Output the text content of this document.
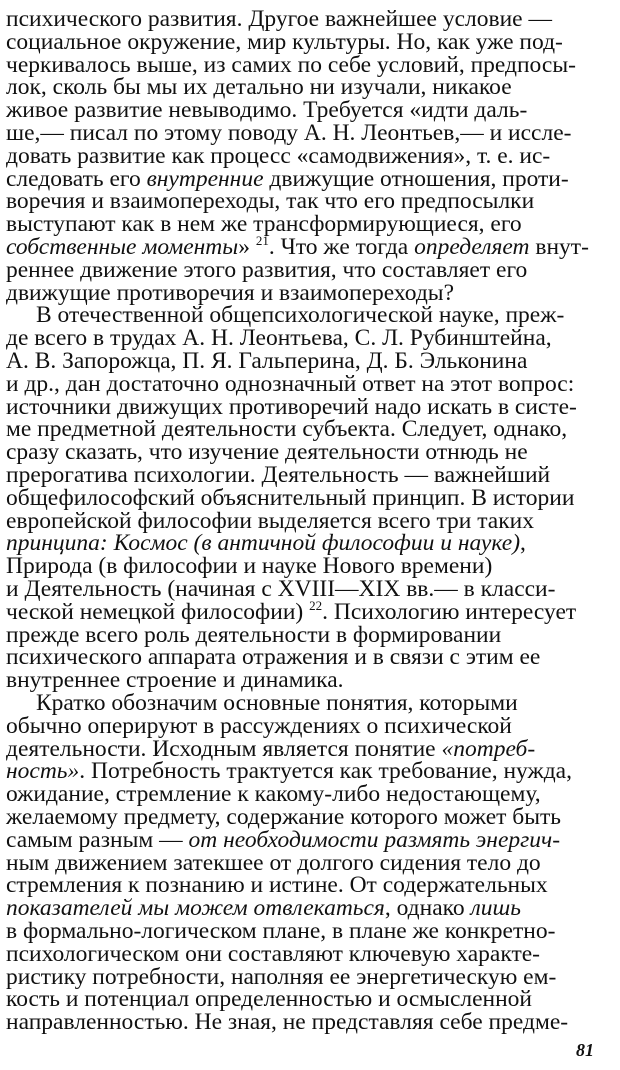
психического развития. Другое важнейшее условие —
социальное окружение, мир культуры. Но, как уже под-
черкивалось выше, из самих по себе условий, предпосы-
лок, сколь бы мы их детально ни изучали, никакое
живое развитие невыводимо. Требуется «идти даль-
ше,— писал по этому поводу А. Н. Леонтьев,— и иссле-
довать развитие как процесс «самодвижения», т. е. ис-
следовать его внутренние движущие отношения, проти-
воречия и взаимопереходы, так что его предпосылки
выступают как в нем же трансформирующиеся, его
собственные моменты» $^{21}$. Что же тогда определяет внут-
реннее движение этого развития, что составляет его
движущие противоречия и взаимопереходы?
В отечественной общепсихологической науке, преж-
де всего в трудах А. Н. Леонтьева, С. Л. Рубинштейна,
А. В. Запорожца, П. Я. Гальперина, Д. Б. Эльконина
и др., дан достаточно однозначный ответ на этот вопрос:
источники движущих противоречий надо искать в систе-
ме предметной деятельности субъекта. Следует, однако,
сразу сказать, что изучение деятельности отнюдь не
прерогатива психологии. Деятельность — важнейший
общефилософский объяснительный принцип. В истории
европейской философии выделяется всего три таких
принципа: Космос (в античной философии и науке),
Природа (в философии и науке Нового времени)
и Деятельность (начиная с XVIII—XIX вв.— в класси-
ческой немецкой философии) $^{22}$. Психологию интересует
прежде всего роль деятельности в формировании
психического аппарата отражения и в связи с этим ее
внутреннее строение и динамика.
Кратко обозначим основные понятия, которыми
обычно оперируют в рассуждениях о психической
деятельности. Исходным является понятие «потреб-
ность». Потребность трактуется как требование, нужда,
ожидание, стремление к какому-либо недостающему,
желаемому предмету, содержание которого может быть
самым разным — от необходимости размять энергич-
ным движением затекшее от долгого сидения тело до
стремления к познанию и истине. От содержательных
показателей мы можем отвлекаться, однако лишь
в формально-логическом плане, в плане же конкретно-
психологическом они составляют ключевую характе-
ристику потребности, наполняя ее энергетическую ем-
кость и потенциал определенностью и осмысленной
направленностью. Не зная, не представляя себе предме-
81
